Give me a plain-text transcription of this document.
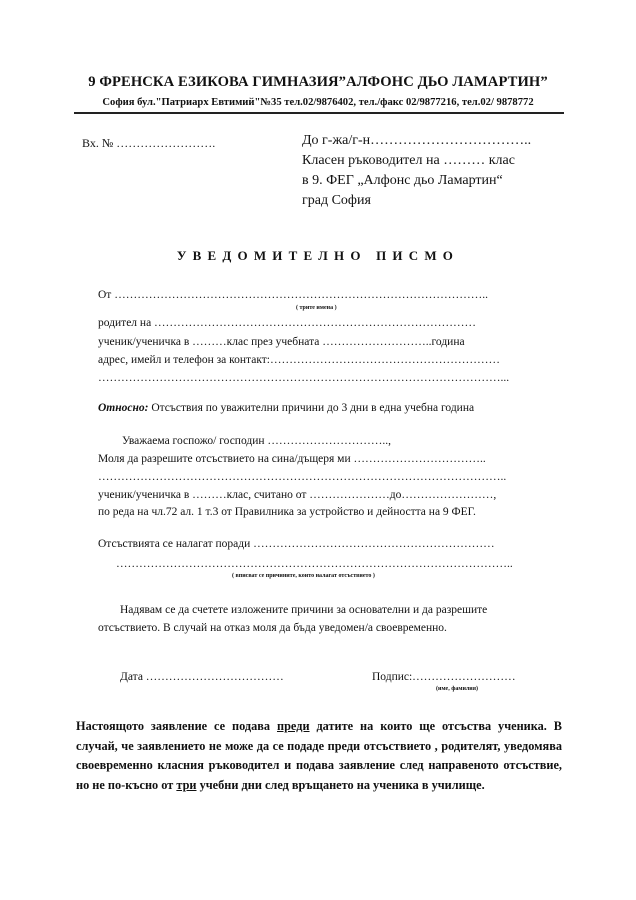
9 ФРЕНСКА ЕЗИКОВА ГИМНАЗИЯ”АЛФОНС ДЬО ЛАМАРТИН”
София бул."Патриарх Евтимий"№35 тел.02/9876402, тел./факс 02/9877216, тел.02/ 9878772
Вх. № …………………….	До г-жа/г-н……………………………..
Класен ръководител на ……… клас
в 9. ФЕГ „Алфонс дьо Ламартин“
град София
УВЕДОМИТЕЛНО ПИСМО
От ……………………………………………………………………………………..
( трите имена )
родител на …………………………………………………………………………
ученик/ученичка в ………клас през учебната ………………………..година
адрес, имейл и телефон за контакт:……………………………………………………
……………………………………………………………………………………………...
Относно: Отсъствия по уважителни причини до 3 дни в една учебна година
Уважаема госпожо/ господин …………………………..,
Моля да разрешите отсъствието на сина/дъщеря ми ……………………………..
……………………………………………………………………………………………..
ученик/ученичка в ………клас, считано от …………………до……………………,
по реда на чл.72 ал. 1 т.3 от Правилника за устройство и дейността на 9 ФЕГ.
Отсъствията се налагат поради ………………………………………………………
…………………………………………………………………………………………..
( вписват се причините, които налагат отсъствието )
Надявам се да счетете изложените причини за основателни и да разрешите
отсъствието. В случай на отказ моля да бъда уведомен/а своевременно.
Дата ………………………………	Подпис:………………………
(име, фамилия)
Настоящото заявление се подава преди датите на които ще отсъства ученика. В случай, че заявлението не може да се подаде преди отсъствието , родителят, уведомява своевременно класния ръководител и подава заявление след направеното отсъствие, но не по-късно от три учебни дни след връщането на ученика в училище.
